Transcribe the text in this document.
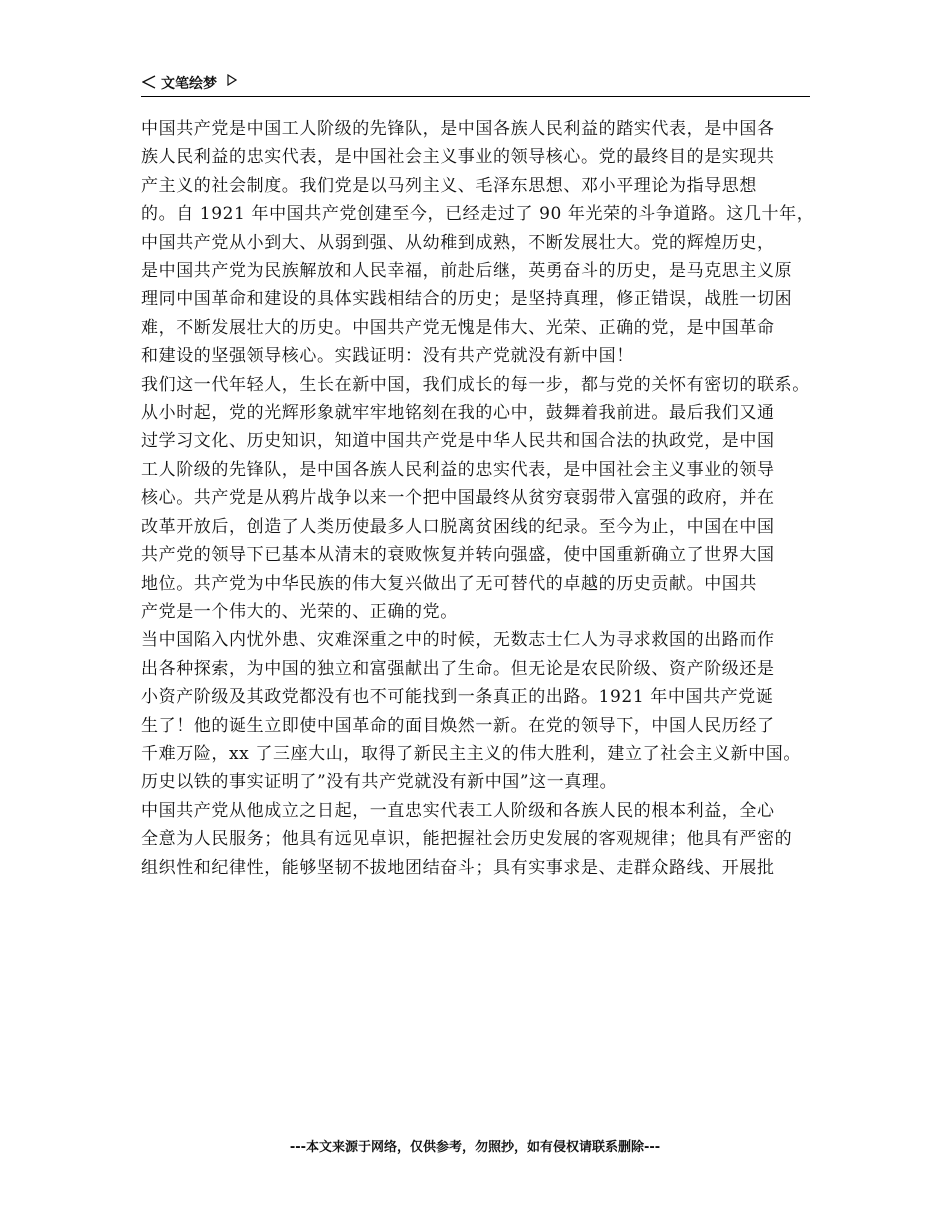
文笔绘梦

中国共产党是中国工人阶级的先锋队，是中国各族人民利益的踏实代表，是中国各
族人民利益的忠实代表，是中国社会主义事业的领导核心。党的最终目的是实现共
产主义的社会制度。我们党是以马列主义、毛泽东思想、邓小平理论为指导思想
的。自 1921 年中国共产党创建至今，已经走过了 90 年光荣的斗争道路。这几十年，
中国共产党从小到大、从弱到强、从幼稚到成熟，不断发展壮大。党的辉煌历史，
是中国共产党为民族解放和人民幸福，前赴后继，英勇奋斗的历史，是马克思主义原
理同中国革命和建设的具体实践相结合的历史；是坚持真理，修正错误，战胜一切困
难，不断发展壮大的历史。中国共产党无愧是伟大、光荣、正确的党，是中国革命
和建设的坚强领导核心。实践证明：没有共产党就没有新中国！

我们这一代年轻人，生长在新中国，我们成长的每一步，都与党的关怀有密切的联系。
从小时起，党的光辉形象就牢牢地铭刻在我的心中，鼓舞着我前进。最后我们又通
过学习文化、历史知识，知道中国共产党是中华人民共和国合法的执政党，是中国
工人阶级的先锋队，是中国各族人民利益的忠实代表，是中国社会主义事业的领导
核心。共产党是从鸦片战争以来一个把中国最终从贫穷衰弱带入富强的政府，并在
改革开放后，创造了人类历使最多人口脱离贫困线的纪录。至今为止，中国在中国
共产党的领导下已基本从清末的衰败恢复并转向强盛，使中国重新确立了世界大国
地位。共产党为中华民族的伟大复兴做出了无可替代的卓越的历史贡献。中国共
产党是一个伟大的、光荣的、正确的党。

当中国陷入内忧外患、灾难深重之中的时候，无数志士仁人为寻求救国的出路而作
出各种探索，为中国的独立和富强献出了生命。但无论是农民阶级、资产阶级还是
小资产阶级及其政党都没有也不可能找到一条真正的出路。1921 年中国共产党诞
生了！他的诞生立即使中国革命的面目焕然一新。在党的领导下，中国人民历经了
千难万险，xx 了三座大山，取得了新民主主义的伟大胜利，建立了社会主义新中国。
历史以铁的事实证明了”没有共产党就没有新中国”这一真理。

中国共产党从他成立之日起，一直忠实代表工人阶级和各族人民的根本利益，全心
全意为人民服务；他具有远见卓识，能把握社会历史发展的客观规律；他具有严密的
组织性和纪律性，能够坚韧不拔地团结奋斗；具有实事求是、走群众路线、开展批

---本文来源于网络，仅供参考，勿照抄，如有侵权请联系删除---
